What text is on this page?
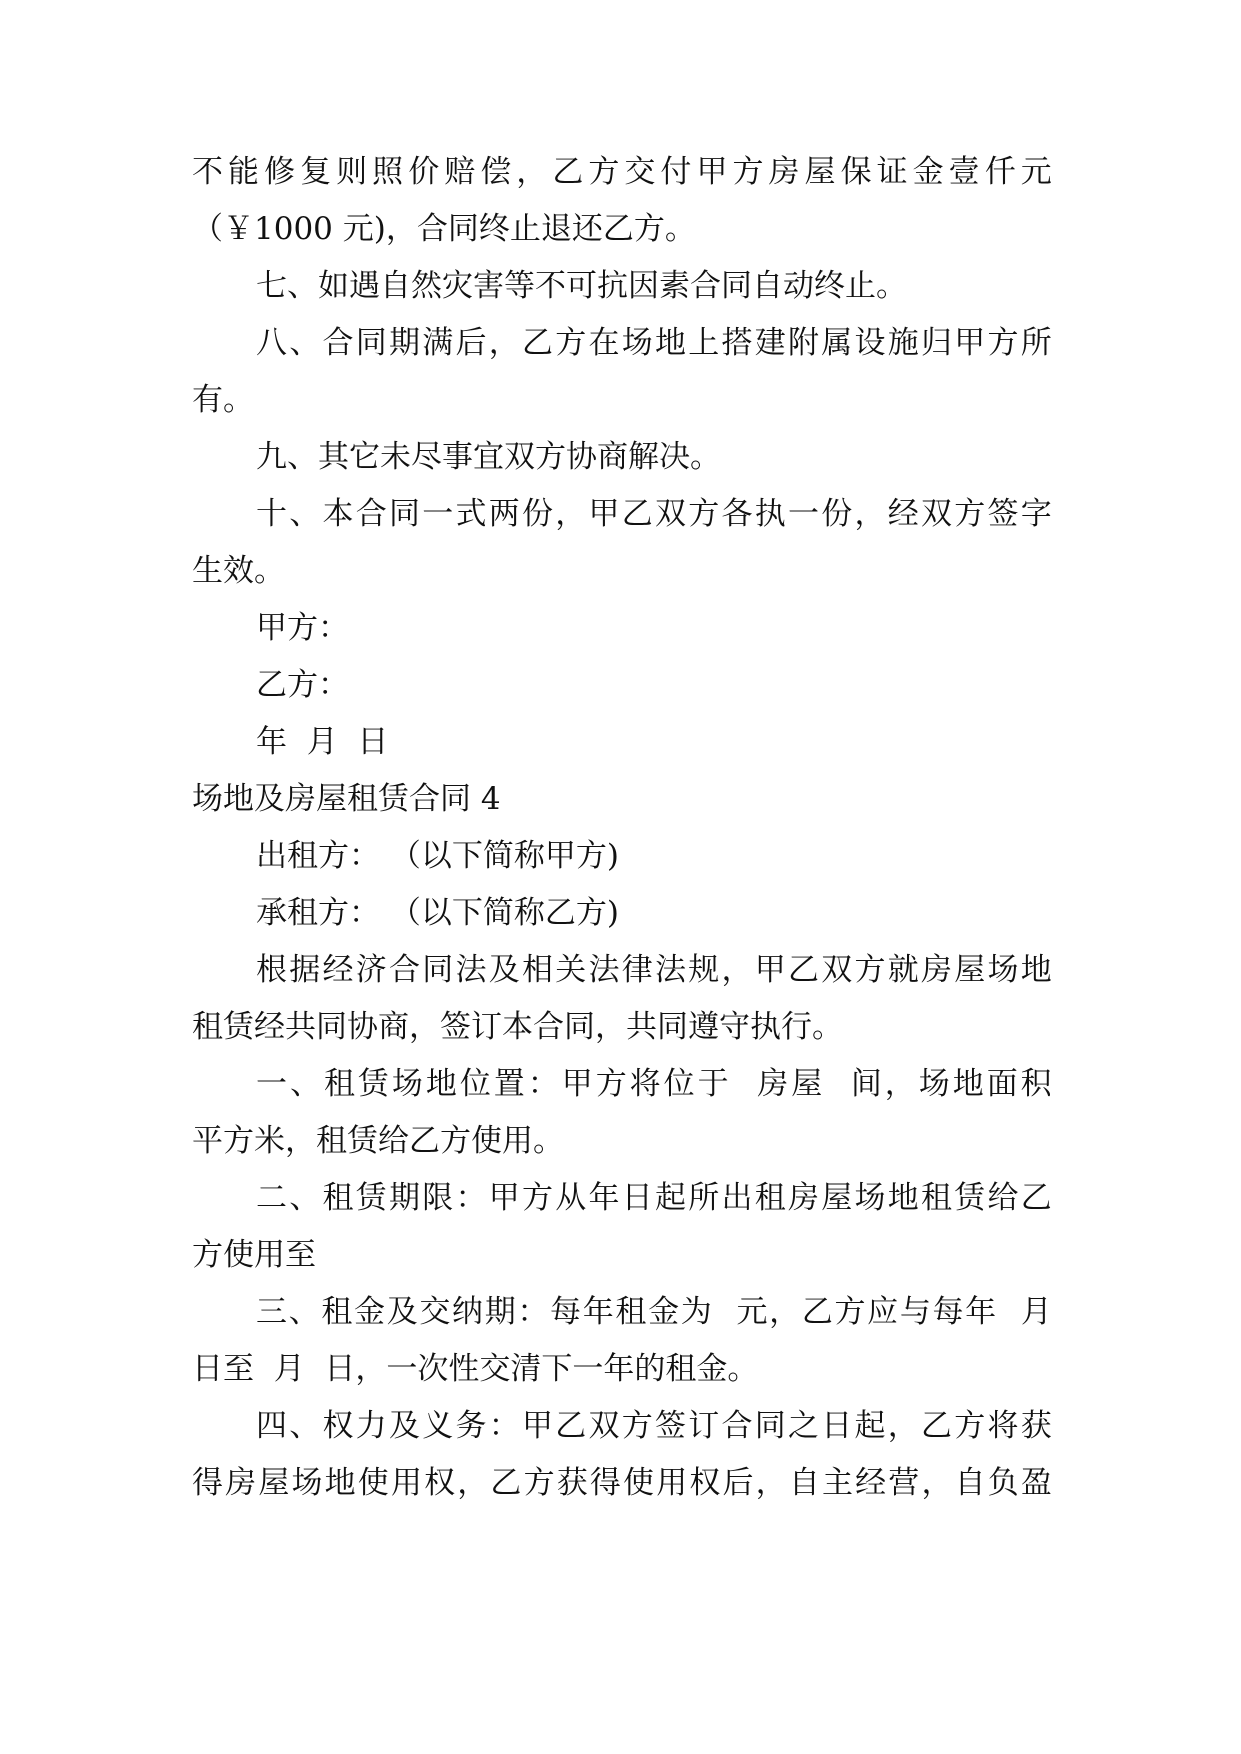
不 能 修 复 则 照 价 赔 偿 ， 乙 方 交 付 甲 方 房 屋 保 证 金 壹 仟 元
（￥1000 元)，合同终止退还乙方。
七、如遇自然灾害等不可抗因素合同自动终止。
八 、 合 同 期 满 后 ， 乙 方 在 场 地 上 搭 建 附 属 设 施 归 甲 方 所
有。
九、其它未尽事宜双方协商解决。
十 、 本 合 同 一 式 两 份 ， 甲 乙 双 方 各 执 一 份 ， 经 双 方 签 字
生效。
甲方：
乙方：
年  月  日
场地及房屋租赁合同 4
出租方： （以下简称甲方)
承租方： （以下简称乙方)
根 据 经 济 合 同 法 及 相 关 法 律 法 规 ， 甲 乙 双 方 就 房 屋 场 地
租赁经共同协商，签订本合同，共同遵守执行。
一 、 租 赁 场 地 位 置 ： 甲 方 将 位 于

房 屋

间 ， 场 地 面 积
平方米，租赁给乙方使用。
二 、 租 赁 期 限 ： 甲 方 从 年 日 起 所 出 租 房 屋 场 地 租 赁 给 乙
方使用至
三 、 租 金 及 交 纳 期 ： 每 年 租 金 为

元 ， 乙 方 应 与 每 年

月
日至  月  日，一次性交清下一年的租金。
四 、 权 力 及 义 务 ： 甲 乙 双 方 签 订 合 同 之 日 起 ， 乙 方 将 获
得 房 屋 场 地 使 用 权 ， 乙 方 获 得 使 用 权 后 ， 自 主 经 营 ， 自 负 盈
